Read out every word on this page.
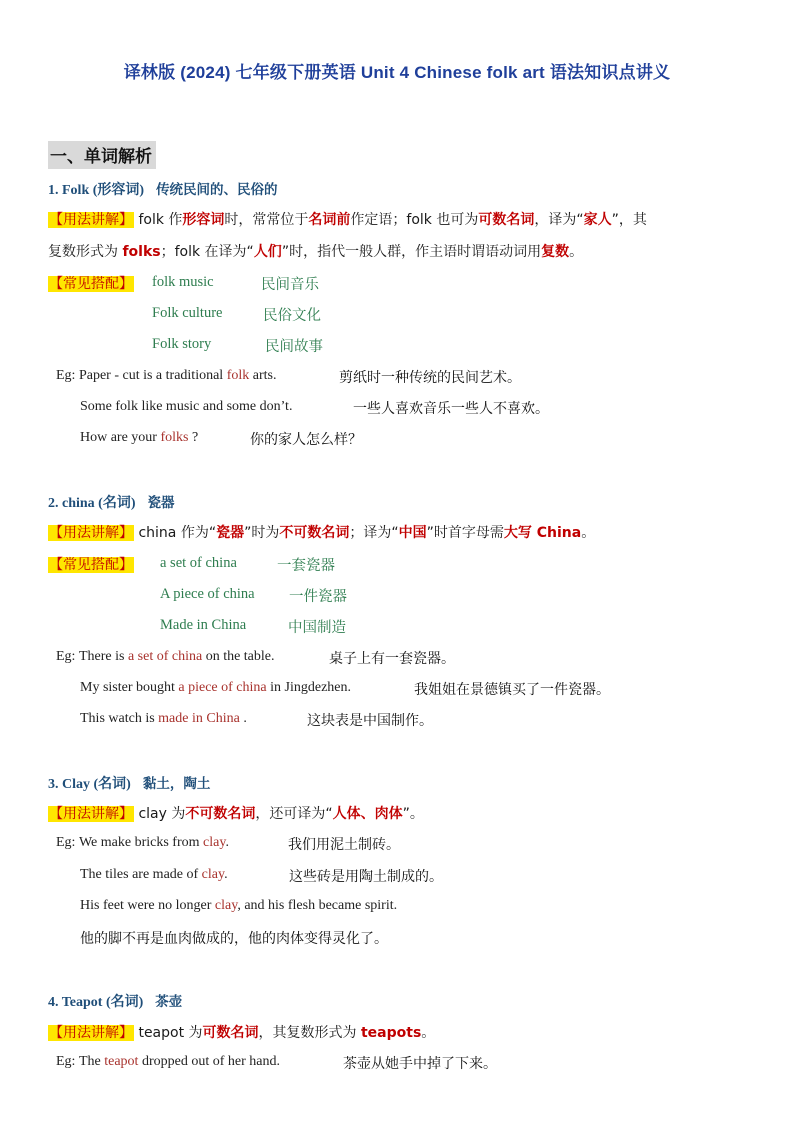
译林版 (2024) 七年级下册英语 Unit 4 Chinese folk art 语法知识点讲义
一、单词解析
1. Folk (形容词) 传统民间的、民俗的
【用法讲解】 folk 作形容词时，常常位于名词前作定语；folk 也可为可数名词，译为“家人”，其
复数形式为 folks；folk 在译为“人们”时，指代一般人群，作主语时谓语动词用复数。
【常见搭配】 folk music	民间音乐
Folk culture	民俗文化
Folk story	民间故事
Eg: Paper - cut is a traditional folk arts.	剪纸时一种传统的民间艺术。
Some folk like music and some don’t.	一些人喜欢音乐一些人不喜欢。
How are your folks ?	你的家人怎么样？
2. china (名词) 瓷器
【用法讲解】 china 作为“瓷器”时为不可数名词；译为“中国”时首字母需大写 China。
【常见搭配】 a set of china	一套瓷器
A piece of china 一件瓷器
Made in China	中国制造
Eg: There is a set of china on the table.	桌子上有一套瓷器。
My sister bought a piece of china in Jingdezhen.	我姐姐在景德镇买了一件瓷器。
This watch is made in China .	这块表是中国制作。
3. Clay (名词) 黏土，陶土
【用法讲解】 clay 为不可数名词，还可译为“人体、肉体”。
Eg: We make bricks from clay.	我们用泥土制砖。
The tiles are made of clay.	这些砖是用陶土制成的。
His feet were no longer clay, and his flesh became spirit.
他的脚不再是血肉做成的，他的肉体变得灵化了。
4. Teapot (名词) 茶壶
【用法讲解】 teapot 为可数名词，其复数形式为 teapots。
Eg: The teapot dropped out of her hand.	茶壶从她手中掉了下来。
